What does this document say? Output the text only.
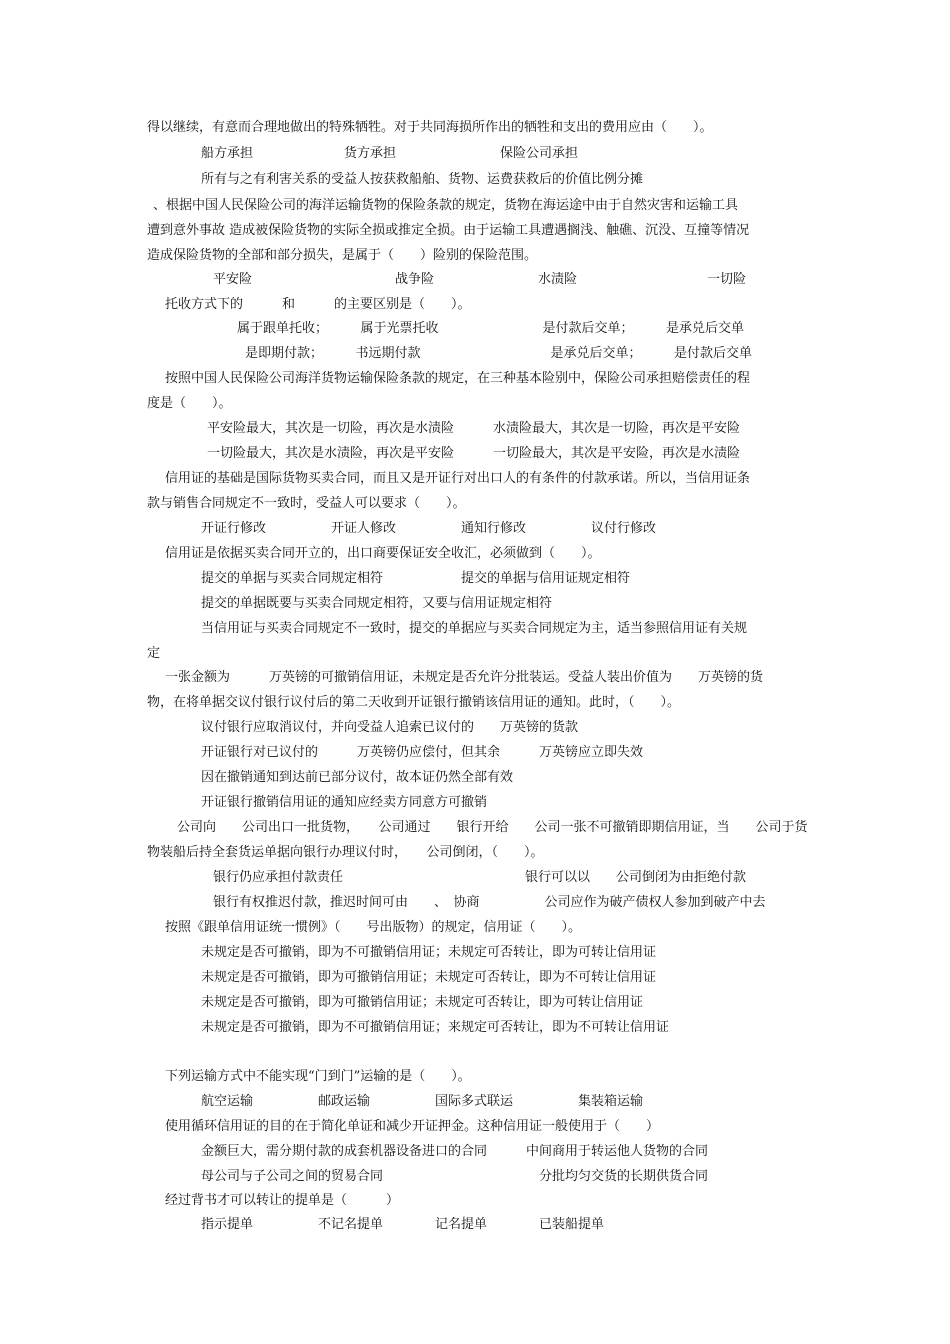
得以继续，有意而合理地做出的特殊牺牲。对于共同海损所作出的牺牲和支出的费用应由（　　）。
船方承担　　　　　　　货方承担　　　　　　　　保险公司承担
所有与之有利害关系的受益人按获救船舶、货物、运费获救后的价值比例分摊
、根据中国人民保险公司的海洋运输货物的保险条款的规定，货物在海运途中由于自然灾害和运输工具
遭到意外事故 造成被保险货物的实际全损或推定全损。由于运输工具遭遇搁浅、触礁、沉没、互撞等情况
造成保险货物的全部和部分损失，是属于（　　）险别的保险范围。
平安险　　　　　　　　　　　战争险　　　　　　　　水渍险　　　　　　　　　　一切险
托收方式下的　　　和　　　的主要区别是（　　）。
属于跟单托收；　　　属于光票托收　　　　　　　　是付款后交单；　　　是承兑后交单
是即期付款；　　　书远期付款　　　　　　　　　　是承兑后交单；　　　是付款后交单
按照中国人民保险公司海洋货物运输保险条款的规定，在三种基本险别中，保险公司承担赔偿责任的程
度是（　　）。
平安险最大，其次是一切险，再次是水渍险　　　水渍险最大，其次是一切险，再次是平安险
一切险最大，其次是水渍险，再次是平安险　　　一切险最大，其次是平安险，再次是水渍险
信用证的基础是国际货物买卖合同，而且又是开证行对出口人的有条件的付款承诺。所以，当信用证条
款与销售合同规定不一致时，受益人可以要求（　　）。
开证行修改　　　　　开证人修改　　　　　通知行修改　　　　　议付行修改
信用证是依据买卖合同开立的，出口商要保证安全收汇，必须做到（　　）。
提交的单据与买卖合同规定相符　　　　　　提交的单据与信用证规定相符
提交的单据既要与买卖合同规定相符，又要与信用证规定相符
当信用证与买卖合同规定不一致时，提交的单据应与买卖合同规定为主，适当参照信用证有关规
定
一张金额为　　　万英镑的可撤销信用证，未规定是否允许分批装运。受益人装出价值为　　万英镑的货
物，在将单据交议付银行议付后的第二天收到开证银行撤销该信用证的通知。此时，（　　）。
议付银行应取消议付，并向受益人追索已议付的　　万英镑的货款
开证银行对已议付的　　　万英镑仍应偿付，但其余　　　万英镑应立即失效
因在撤销通知到达前已部分议付，故本证仍然全部有效
开证银行撤销信用证的通知应经卖方同意方可撤销
公司向　　公司出口一批货物，　　公司通过　　银行开给　　公司一张不可撤销即期信用证，当　　公司于货
物装船后持全套货运单据向银行办理议付时，　　公司倒闭，（　　）。
银行仍应承担付款责任　　　　　　　　　　　　　　银行可以以　　公司倒闭为由拒绝付款
银行有权推迟付款，推迟时间可由　　、　协商　　　　　公司应作为破产债权人参加到破产中去
按照《跟单信用证统一惯例》（　　号出版物）的规定，信用证（　　）。
未规定是否可撤销，即为不可撤销信用证；未规定可否转让，即为可转让信用证
未规定是否可撤销，即为可撤销信用证；未规定可否转让，即为不可转让信用证
未规定是否可撤销，即为可撤销信用证；未规定可否转让，即为可转让信用证
未规定是否可撤销，即为不可撤销信用证；来规定可否转让，即为不可转让信用证
下列运输方式中不能实现“门到门”运输的是（　　）。
航空运输　　　　　邮政运输　　　　　国际多式联运　　　　　集装箱运输
使用循环信用证的目的在于简化单证和减少开证押金。这种信用证一般使用于（　　）
金额巨大，需分期付款的成套机器设备进口的合同　　　中间商用于转运他人货物的合同
母公司与子公司之间的贸易合同　　　　　　　　　　　　分批均匀交货的长期供货合同
经过背书才可以转让的提单是（　　　）
指示提单　　　　　不记名提单　　　　记名提单　　　　已装船提单
